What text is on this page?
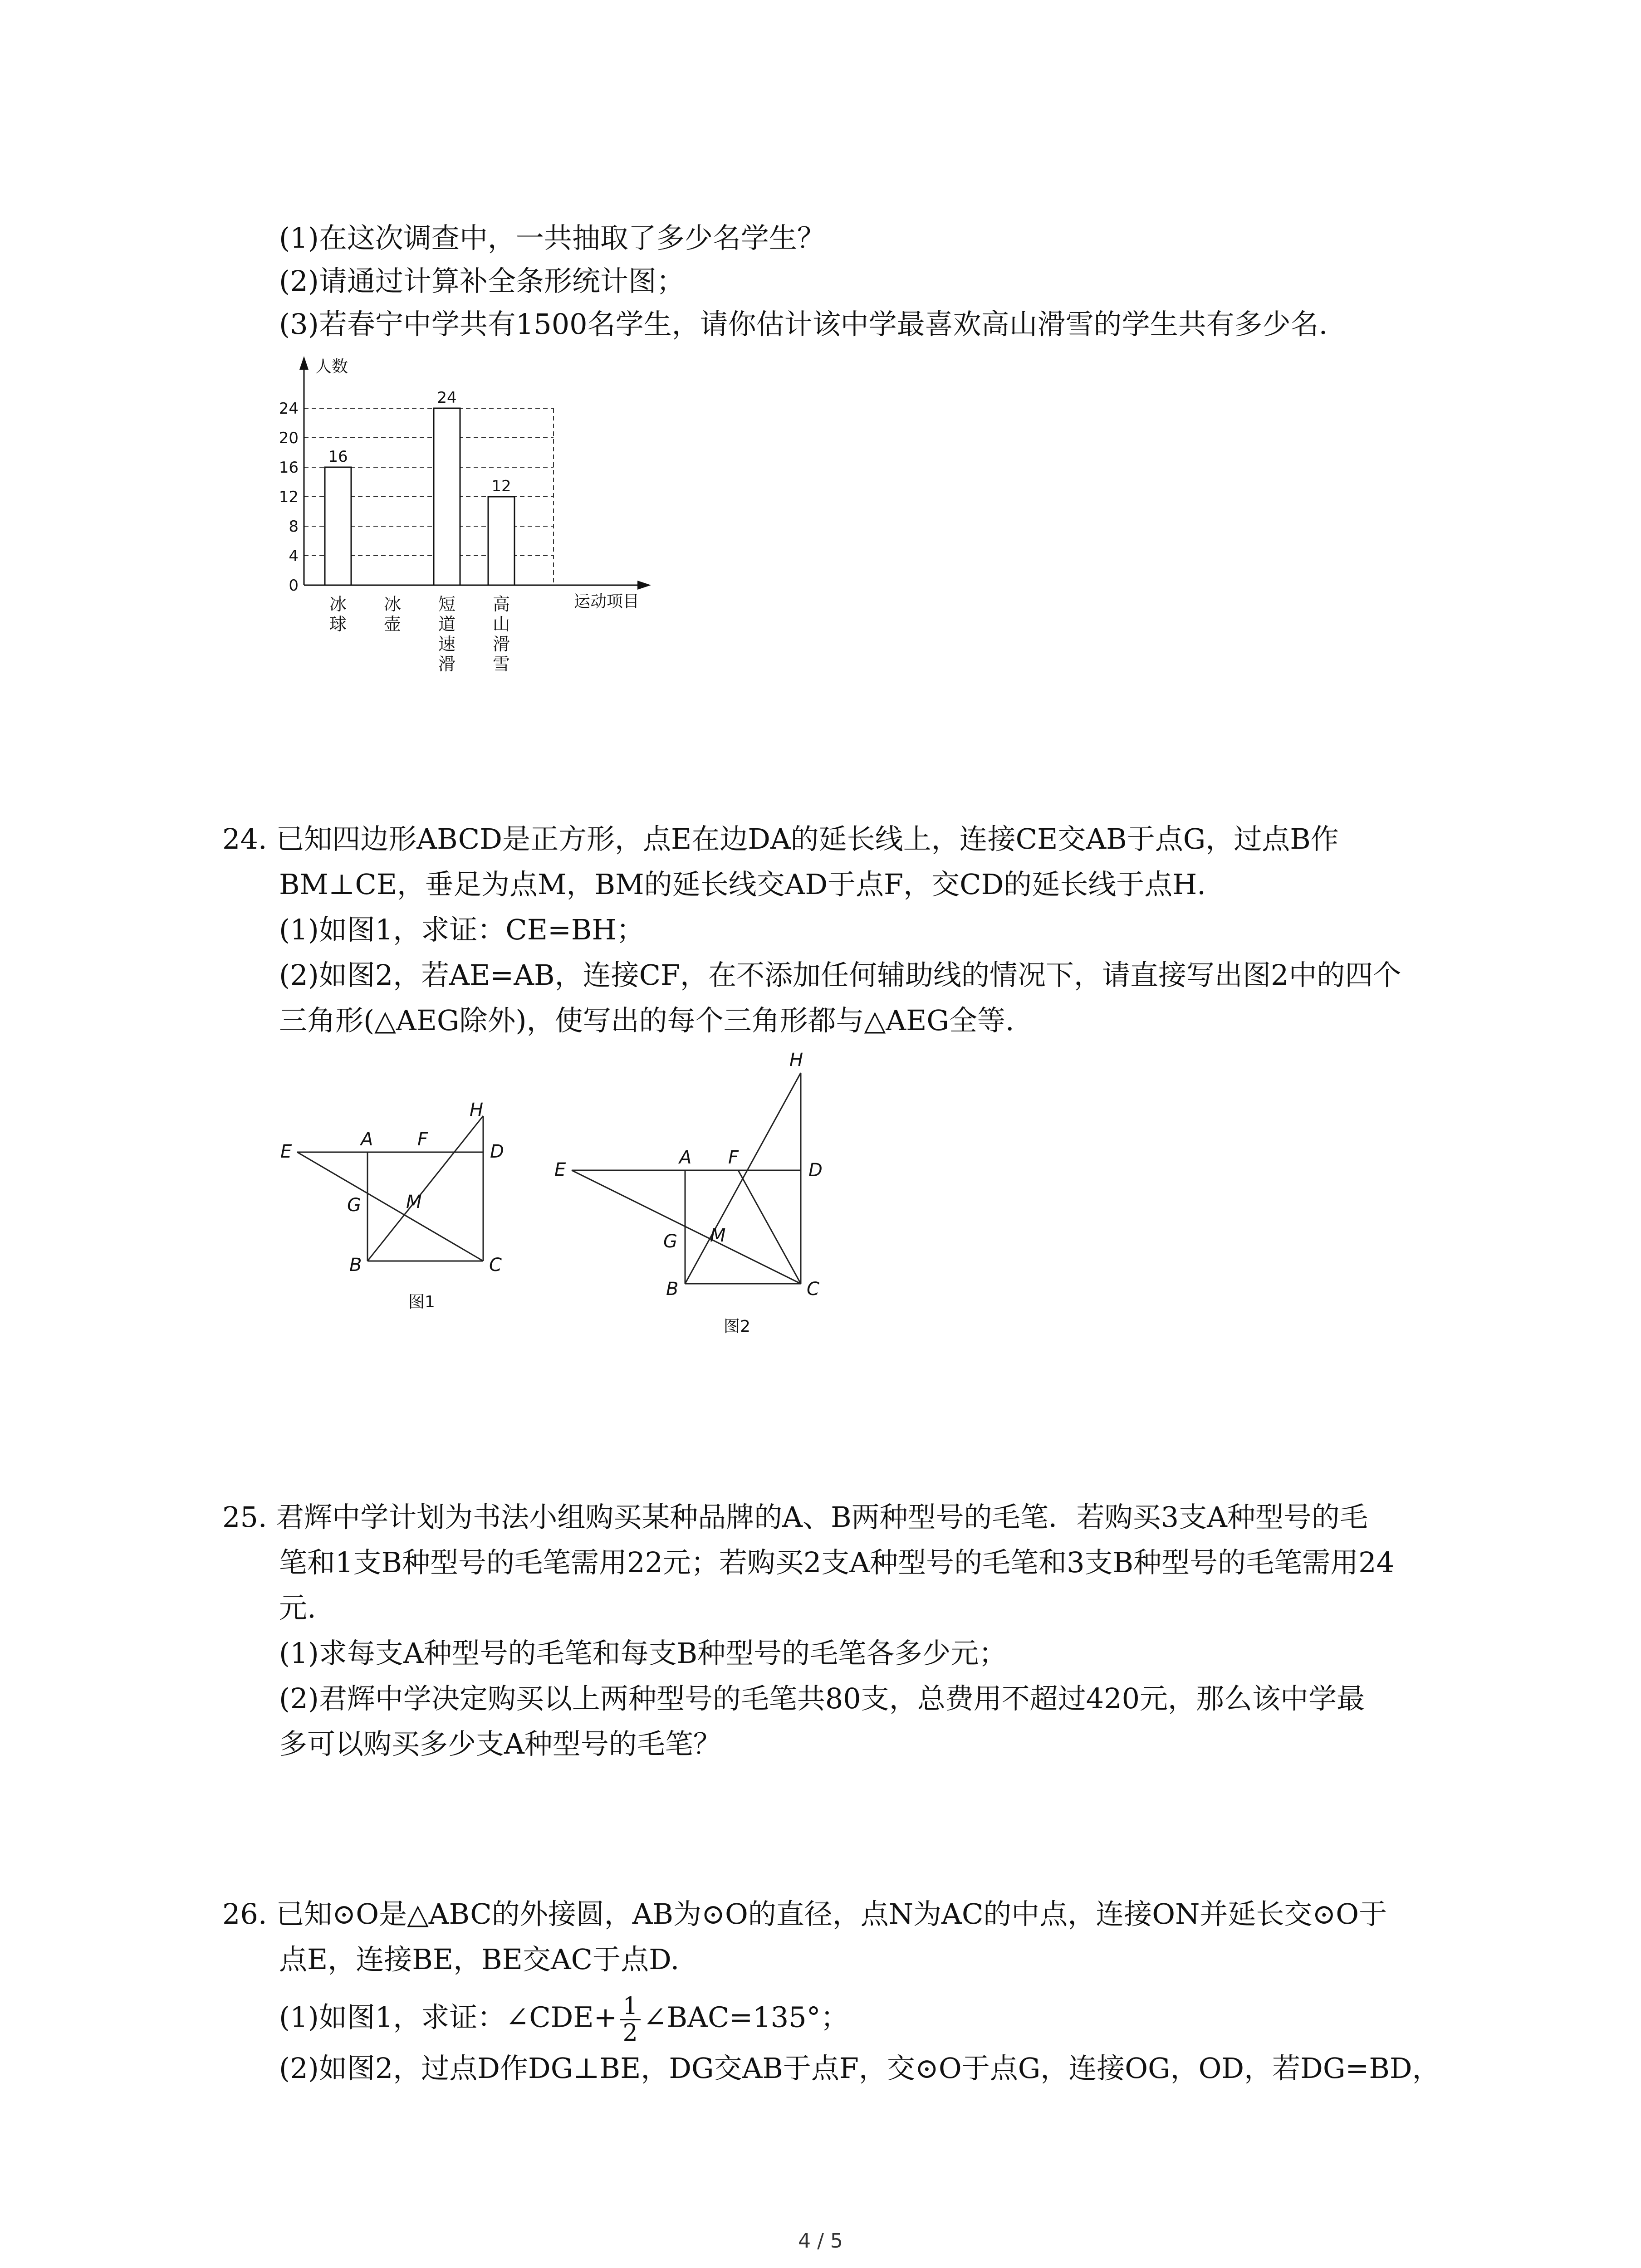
(1)在这次调查中，一共抽取了多少名学生？
(2)请通过计算补全条形统计图；
(3)若春宁中学共有1500名学生，请你估计该中学最喜欢高山滑雪的学生共有多少名.
0
4
8
12
16
20
24
人数
运动项目
16
冰
球
冰
壶
24
短
道
速
滑
12
高
山
滑
雪
24. 已知四边形ABCD是正方形，点E在边DA的延长线上，连接CE交AB于点G，过点B作
BM⊥CE，垂足为点M，BM的延长线交AD于点F，交CD的延长线于点H.
(1)如图1，求证：CE=BH；
(2)如图2，若AE=AB，连接CF，在不添加任何辅助线的情况下，请直接写出图2中的四个
三角形(△AEG除外)，使写出的每个三角形都与△AEG全等.
E
A F
D
H
G M
B	C
图1
E
A F
D
H
G M
B	C
图2
25. 君辉中学计划为书法小组购买某种品牌的A、B两种型号的毛笔．若购买3支A种型号的毛
笔和1支B种型号的毛笔需用22元；若购买2支A种型号的毛笔和3支B种型号的毛笔需用24
元.
(1)求每支A种型号的毛笔和每支B种型号的毛笔各多少元；
(2)君辉中学决定购买以上两种型号的毛笔共80支，总费用不超过420元，那么该中学最
多可以购买多少支A种型号的毛笔？
26. 已知⊙O是△ABC的外接圆，AB为⊙O的直径，点N为AC的中点，连接ON并延长交⊙O于
点E，连接BE，BE交AC于点D.
(1)如图1，求证：∠CDE+ $\frac{1}{2}$ ∠BAC=135°；
(2)如图2，过点D作DG⊥BE，DG交AB于点F，交⊙O于点G，连接OG，OD，若DG=BD，
4 / 5
